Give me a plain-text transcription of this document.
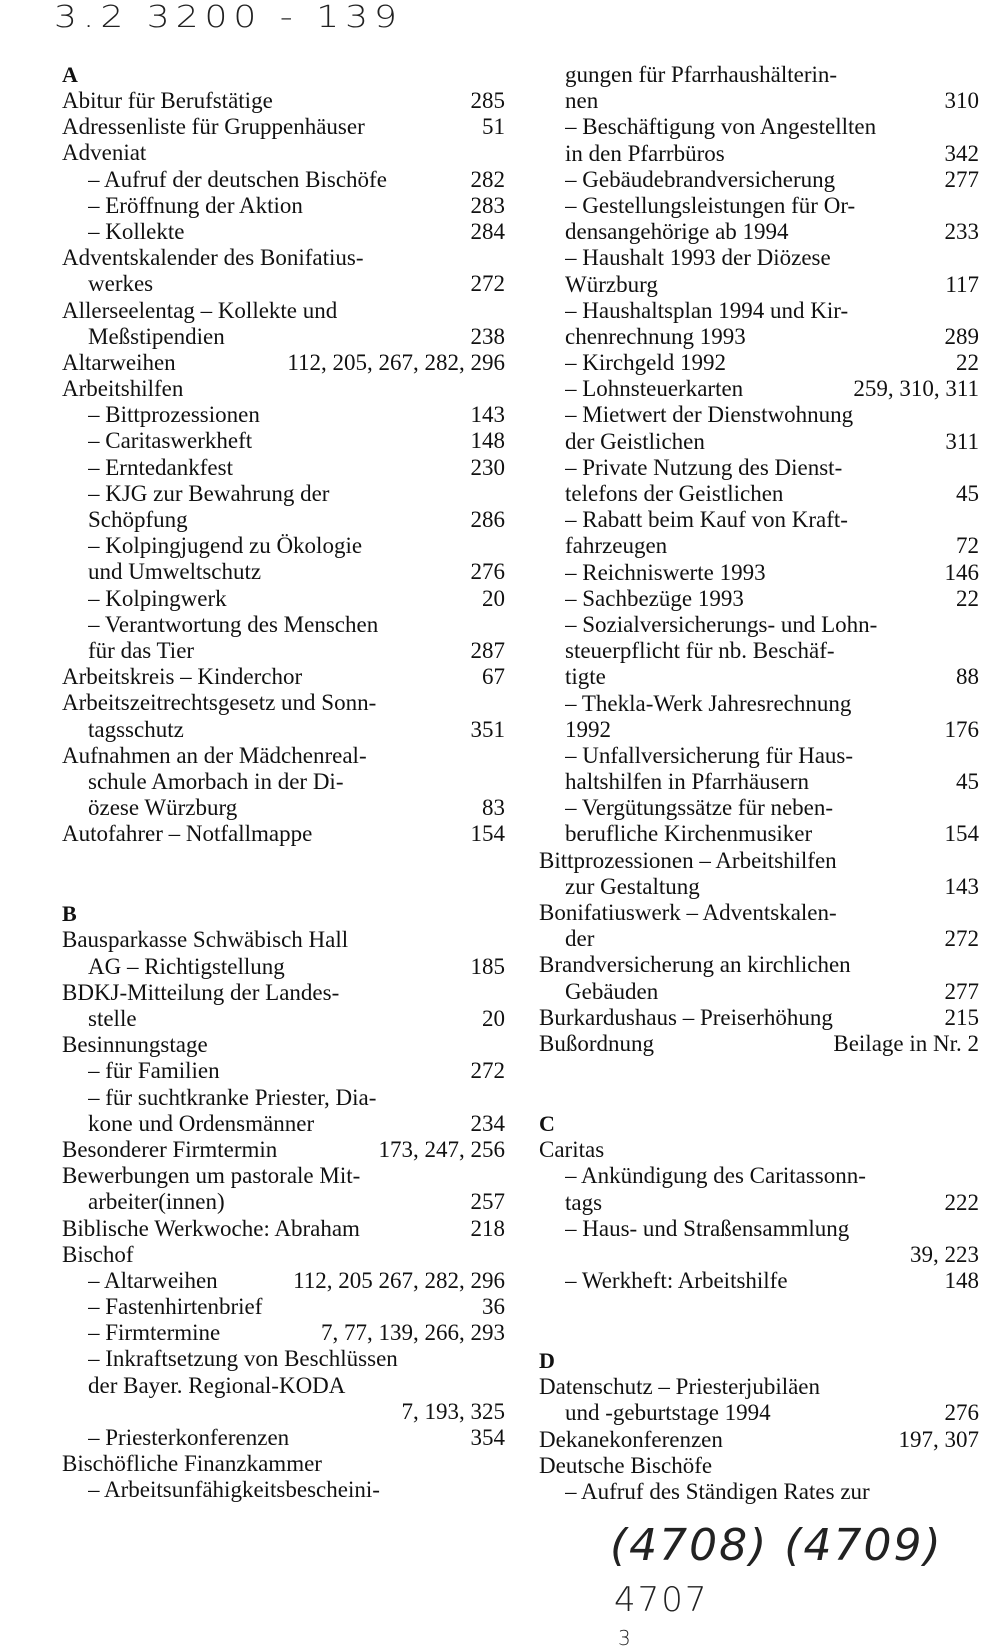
3.2 3200 - 139
A
Abitur für Berufstätige	285
Adressenliste für Gruppenhäuser	51
Adveniat
– Aufruf der deutschen Bischöfe	282
– Eröffnung der Aktion	283
– Kollekte	284
Adventskalender des Bonifatius-
werkes	272
Allerseelentag – Kollekte und
Meßstipendien	238
Altarweihen	112, 205, 267, 282, 296
Arbeitshilfen
– Bittprozessionen	143
– Caritaswerkheft	148
– Erntedankfest	230
– KJG zur Bewahrung der
Schöpfung	286
– Kolpingjugend zu Ökologie
und Umweltschutz	276
– Kolpingwerk	20
– Verantwortung des Menschen
für das Tier	287
Arbeitskreis – Kinderchor	67
Arbeitszeitrechtsgesetz und Sonn-
tagsschutz	351
Aufnahmen an der Mädchenreal-
schule Amorbach in der Di-
özese Würzburg	83
Autofahrer – Notfallmappe	154
B
Bausparkasse Schwäbisch Hall
AG – Richtigstellung	185
BDKJ-Mitteilung der Landes-
stelle	20
Besinnungstage
– für Familien	272
– für suchtkranke Priester, Dia-
kone und Ordensmänner	234
Besonderer Firmtermin	173, 247, 256
Bewerbungen um pastorale Mit-
arbeiter(innen)	257
Biblische Werkwoche: Abraham	218
Bischof
– Altarweihen	112, 205 267, 282, 296
– Fastenhirtenbrief	36
– Firmtermine	7, 77, 139, 266, 293
– Inkraftsetzung von Beschlüssen
der Bayer. Regional-KODA
7, 193, 325
– Priesterkonferenzen	354
Bischöfliche Finanzkammer
– Arbeitsunfähigkeitsbescheini-
gungen für Pfarrhaushälterin-
nen	310
– Beschäftigung von Angestellten
in den Pfarrbüros	342
– Gebäudebrandversicherung	277
– Gestellungsleistungen für Or-
densangehörige ab 1994	233
– Haushalt 1993 der Diözese
Würzburg	117
– Haushaltsplan 1994 und Kir-
chenrechnung 1993	289
– Kirchgeld 1992	22
– Lohnsteuerkarten	259, 310, 311
– Mietwert der Dienstwohnung
der Geistlichen	311
– Private Nutzung des Dienst-
telefons der Geistlichen	45
– Rabatt beim Kauf von Kraft-
fahrzeugen	72
– Reichniswerte 1993	146
– Sachbezüge 1993	22
– Sozialversicherungs- und Lohn-
steuerpflicht für nb. Beschäf-
tigte	88
– Thekla-Werk Jahresrechnung
1992	176
– Unfallversicherung für Haus-
haltshilfen in Pfarrhäusern	45
– Vergütungssätze für neben-
berufliche Kirchenmusiker	154
Bittprozessionen – Arbeitshilfen
zur Gestaltung	143
Bonifatiuswerk – Adventskalen-
der	272
Brandversicherung an kirchlichen
Gebäuden	277
Burkardushaus – Preiserhöhung	215
Bußordnung	Beilage in Nr. 2
C
Caritas
– Ankündigung des Caritassonn-
tags	222
– Haus- und Straßensammlung
39, 223
– Werkheft: Arbeitshilfe	148
D
Datenschutz – Priesterjubiläen
und -geburtstage 1994	276
Dekanekonferenzen	197, 307
Deutsche Bischöfe
– Aufruf des Ständigen Rates zur
(4708) (4709)
4707
3
